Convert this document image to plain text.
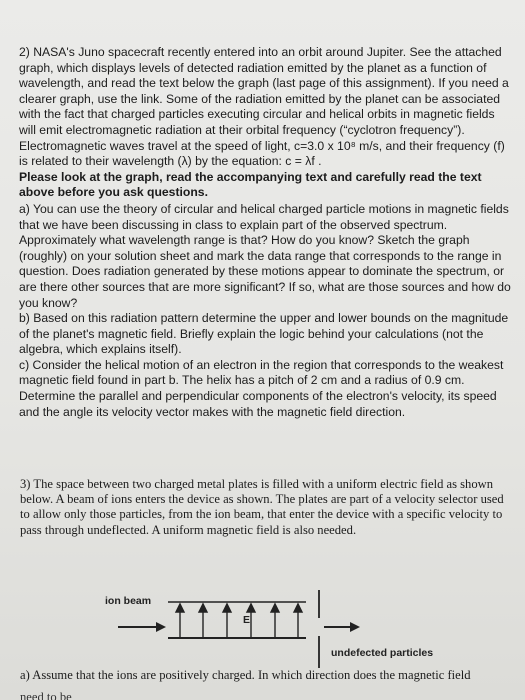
2) NASA's Juno spacecraft recently entered into an orbit around Jupiter. See the attached graph, which displays levels of detected radiation emitted by the planet as a function of wavelength, and read the text below the graph (last page of this assignment). If you need a clearer graph, use the link. Some of the radiation emitted by the planet can be associated with the fact that charged particles executing circular and helical orbits in magnetic fields will emit electromagnetic radiation at their orbital frequency (“cyclotron frequency”). Electromagnetic waves travel at the speed of light, c=3.0 x 10⁸ m/s, and their frequency (f) is related to their wavelength (λ) by the equation: c = λf .

Please look at the graph, read the accompanying text and carefully read the text above before you ask questions.

a) You can use the theory of circular and helical charged particle motions in magnetic fields that we have been discussing in class to explain part of the observed spectrum. Approximately what wavelength range is that? How do you know? Sketch the graph (roughly) on your solution sheet and mark the data range that corresponds to the range in question. Does radiation generated by these motions appear to dominate the spectrum, or are there other sources that are more significant? If so, what are those sources and how do you know?

b) Based on this radiation pattern determine the upper and lower bounds on the magnitude of the planet's magnetic field. Briefly explain the logic behind your calculations (not the algebra, which explains itself).

c) Consider the helical motion of an electron in the region that corresponds to the weakest magnetic field found in part b. The helix has a pitch of 2 cm and a radius of 0.9 cm. Determine the parallel and perpendicular components of the electron's velocity, its speed and the angle its velocity vector makes with the magnetic field direction.

3) The space between two charged metal plates is filled with a uniform electric field as shown below. A beam of ions enters the device as shown. The plates are part of a velocity selector used to allow only those particles, from the ion beam, that enter the device with a specific velocity to pass through undeflected. A uniform magnetic field is also needed.

ion beam
E
undefected particles
a) Assume that the ions are positively charged. In which direction does the magnetic field
need to be
